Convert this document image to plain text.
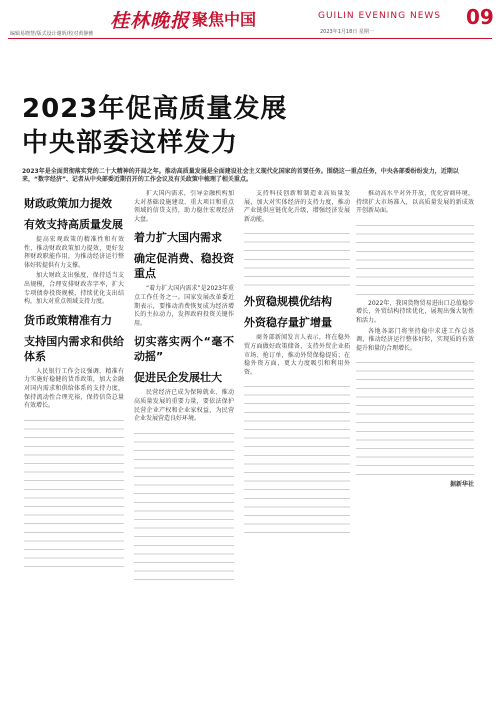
桂林晚报 聚焦中国	GUILIN EVENING NEWS 09
编辑易晓慧/版式设计谢昕/校对黄静雅	2023年1月18日 星期一
2023年促高质量发展
中央部委这样发力
2023年是全面贯彻落实党的二十大精神的开局之年。推动高质量发展是全面建设社会主义现代化国家的首要任务。围绕这一重点任务，中央各部委纷纷发力，近期以来，“数字经济”、记者从中央部委近期召开的工作会议及有关政策中梳理了相关重点。
财政政策加力提效
有效支持高质量发展

提高宏观政策的精准性和有效性，推动财政政策加力提效，更好发挥财政职能作用，为推动经济运行整体好转提供有力支撑。

加大财政支出强度，保持适当支出规模，合理安排财政赤字率，扩大专项债券投资规模，持续优化支出结构，加大对重点领域支持力度。

货币政策精准有力
支持国内需求和供给体系

人民银行工作会议强调，精准有力实施好稳健的货币政策，加大金融对国内需求和供给体系的支持力度，保持流动性合理充裕，保持信贷总量有效增长。

扩大国内需求，引导金融机构加大对基础设施建设、重大项目和重点领域的信贷支持，助力稳住宏观经济大盘。

着力扩大国内需求
确定促消费、稳投资重点

“着力扩大国内需求”是2023年重点工作任务之一。国家发展改革委近期表示，要推动消费恢复成为经济增长的主拉动力，发挥政府投资关键作用。

切实落实两个“毫不动摇”
促进民企发展壮大

民营经济已成为保障就业、推动高质量发展的重要力量，要依法保护民营企业产权和企业家权益，为民营企业发展营造良好环境。

支持科技创新和制造业高质量发展，加大对实体经济的支持力度，推动产业链供应链优化升级，增强经济发展新动能。

外贸稳规模优结构
外资稳存量扩增量

商务部新闻发言人表示，将在稳外贸方面做好政策储备，支持外贸企业拓市场、抢订单，推动外贸保稳提质；在稳外资方面，更大力度吸引和利用外资。

推动高水平对外开放，优化营商环境，持续扩大市场准入，以高质量发展的新成效开创新局面。

2022年，我国货物贸易进出口总值稳步增长，外贸结构持续优化，展现出强大韧性和活力。

各地各部门将坚持稳中求进工作总基调，推动经济运行整体好转，实现质的有效提升和量的合理增长。

据新华社
